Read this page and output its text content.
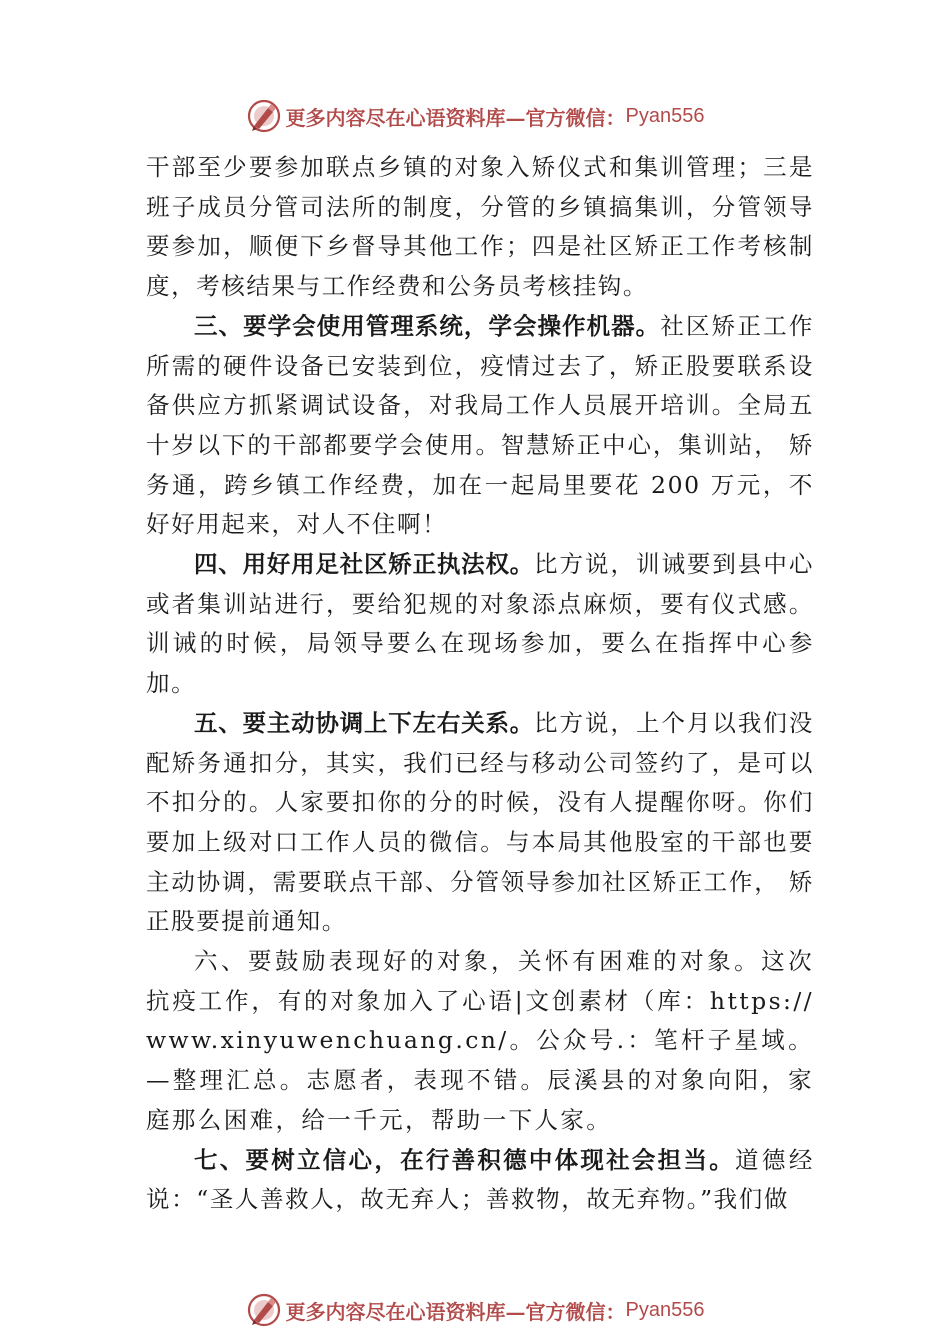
更多内容尽在心语资料库—官方微信： Pyan556

干部至少要参加联点乡镇的对象入矫仪式和集训管理；三是班子成员分管司法所的制度，分管的乡镇搞集训，分管领导要参加，顺便下乡督导其他工作；四是社区矫正工作考核制度，考核结果与工作经费和公务员考核挂钩。

三、要学会使用管理系统，学会操作机器。社区矫正工作所需的硬件设备已安装到位，疫情过去了，矫正股要联系设备供应方抓紧调试设备，对我局工作人员展开培训。全局五十岁以下的干部都要学会使用。智慧矫正中心，集训站， 矫务通，跨乡镇工作经费，加在一起局里要花 200 万元，不好好用起来，对人不住啊！

四、用好用足社区矫正执法权。比方说，训诫要到县中心或者集训站进行，要给犯规的对象添点麻烦，要有仪式感。训诫的时候，局领导要么在现场参加，要么在指挥中心参加。

五、要主动协调上下左右关系。比方说，上个月以我们没配矫务通扣分，其实，我们已经与移动公司签约了，是可以不扣分的。人家要扣你的分的时候，没有人提醒你呀。你们要加上级对口工作人员的微信。与本局其他股室的干部也要主动协调，需要联点干部、分管领导参加社区矫正工作， 矫正股要提前通知。

六、要鼓励表现好的对象，关怀有困难的对象。这次抗疫工作，有的对象加入了心语|文创素材（库：https://www.xinyuwenchuang.cn/。公众号.：笔杆子星域。—整理汇总。志愿者，表现不错。辰溪县的对象向阳，家庭那么困难，给一千元，帮助一下人家。

七、要树立信心，在行善积德中体现社会担当。道德经说：“圣人善救人，故无弃人；善救物，故无弃物。”我们做

更多内容尽在心语资料库—官方微信： Pyan556
